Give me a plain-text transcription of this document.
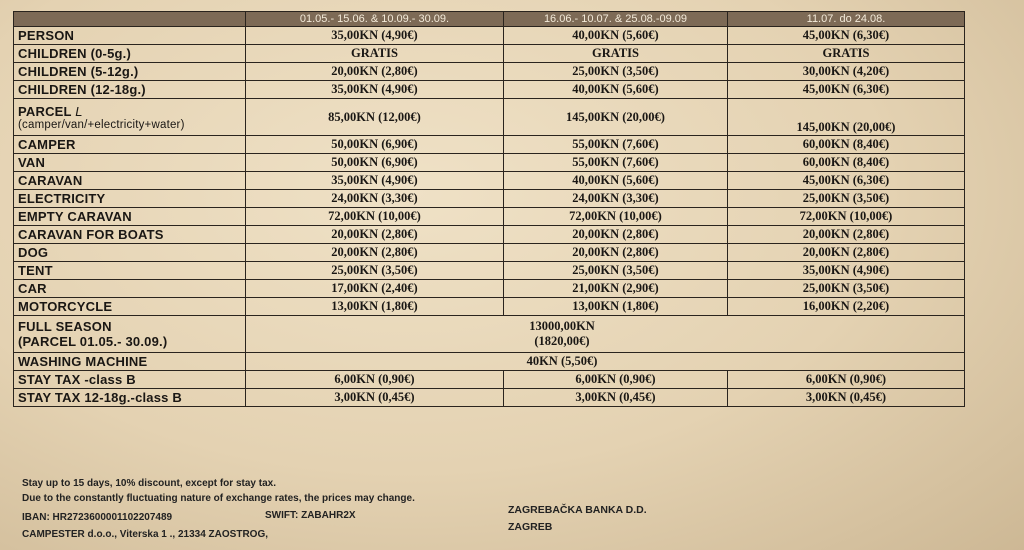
	01.05.- 15.06. & 10.09.- 30.09.	16.06.- 10.07. & 25.08.-09.09	11.07. do 24.08.
PERSON	35,00KN (4,90€)	40,00KN (5,60€)	45,00KN (6,30€)
CHILDREN (0-5g.)	GRATIS	GRATIS	GRATIS
CHILDREN (5-12g.)	20,00KN (2,80€)	25,00KN (3,50€)	30,00KN (4,20€)
CHILDREN (12-18g.)	35,00KN (4,90€)	40,00KN (5,60€)	45,00KN (6,30€)
PARCEL L
(camper/van/+electricity+water)	85,00KN (12,00€)	145,00KN (20,00€)	145,00KN (20,00€)
CAMPER	50,00KN (6,90€)	55,00KN (7,60€)	60,00KN (8,40€)
VAN	50,00KN (6,90€)	55,00KN (7,60€)	60,00KN (8,40€)
CARAVAN	35,00KN (4,90€)	40,00KN (5,60€)	45,00KN (6,30€)
ELECTRICITY	24,00KN (3,30€)	24,00KN (3,30€)	25,00KN (3,50€)
EMPTY CARAVAN	72,00KN (10,00€)	72,00KN (10,00€)	72,00KN (10,00€)
CARAVAN FOR BOATS	20,00KN (2,80€)	20,00KN (2,80€)	20,00KN (2,80€)
DOG	20,00KN (2,80€)	20,00KN (2,80€)	20,00KN (2,80€)
TENT	25,00KN (3,50€)	25,00KN (3,50€)	35,00KN (4,90€)
CAR	17,00KN (2,40€)	21,00KN (2,90€)	25,00KN (3,50€)
MOTORCYCLE	13,00KN (1,80€)	13,00KN (1,80€)	16,00KN (2,20€)
FULL SEASON
(PARCEL 01.05.- 30.09.)	13000,00KN
(1820,00€)		
WASHING MACHINE	40KN (5,50€)		
STAY TAX -class B	6,00KN (0,90€)	6,00KN (0,90€)	6,00KN (0,90€)
STAY TAX 12-18g.-class B	3,00KN (0,45€)	3,00KN (0,45€)	3,00KN (0,45€)
Stay up to 15 days, 10% discount, except for stay tax.
Due to the constantly fluctuating nature of exchange rates, the prices may change.
IBAN: HR2723600001102207489	SWIFT: ZABAHR2X	ZAGREBAČKA BANKA D.D.
ZAGREB
CAMPESTER d.o.o., Viterska 1 ., 21334 ZAOSTROG,
